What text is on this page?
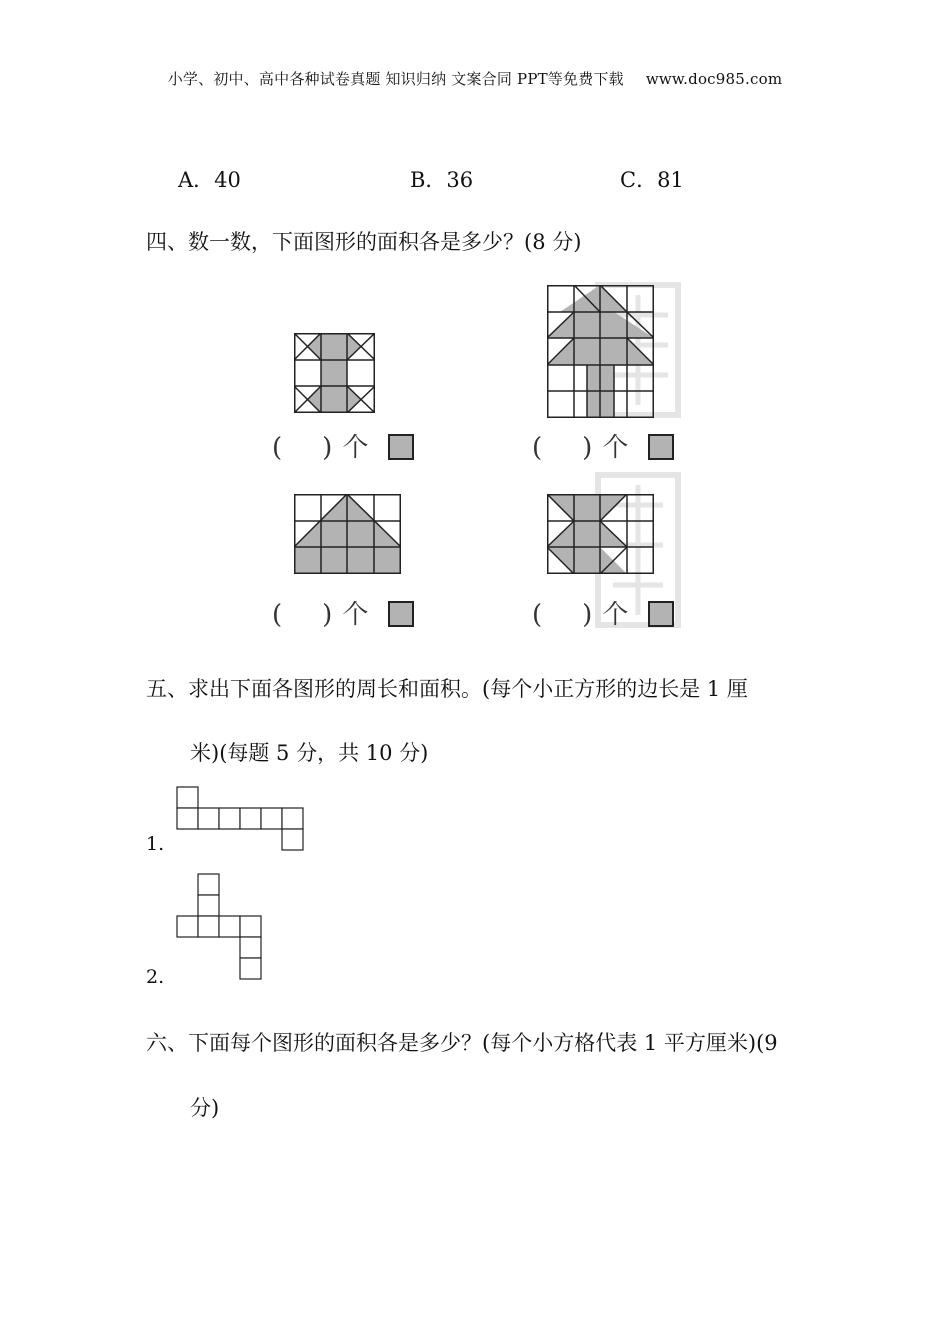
小学、初中、高中各种试卷真题 知识归纳 文案合同 PPT等免费下载 www.doc985.com
A．40	B．36	C．81
四、数一数，下面图形的面积各是多少？(8 分)
( ) 个	( ) 个
( ) 个	( ) 个
五、求出下面各图形的周长和面积。(每个小正方形的边长是 1 厘
米)(每题 5 分，共 10 分)
1.
2.
六、下面每个图形的面积各是多少？(每个小方格代表 1 平方厘米)(9
分)
